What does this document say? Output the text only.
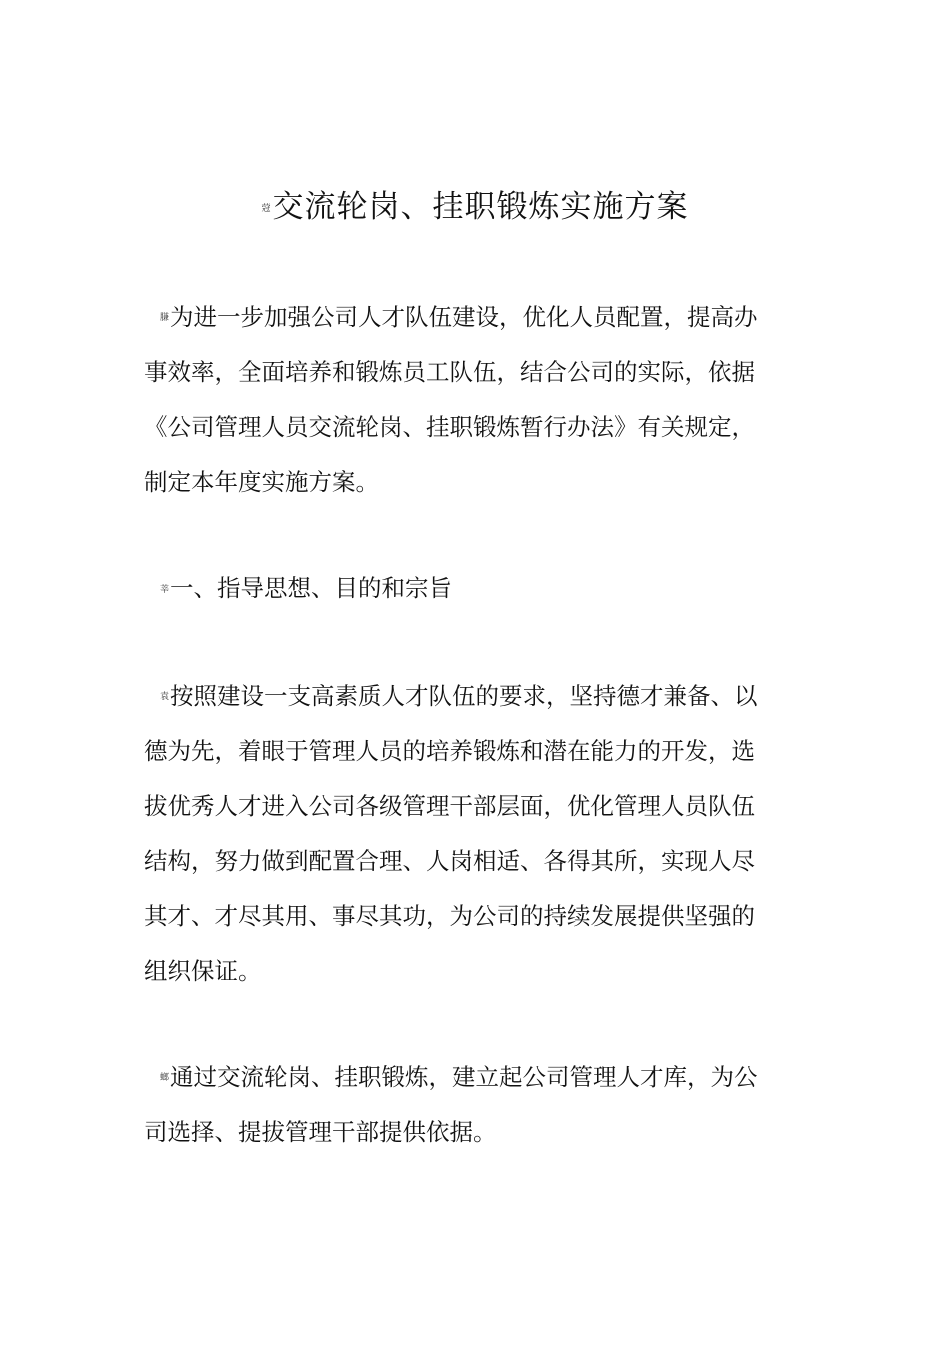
蒄交流轮岗、挂职锻炼实施方案
膁为进一步加强公司人才队伍建设，优化人员配置，提高办
事效率，全面培养和锻炼员工队伍，结合公司的实际，依据
《公司管理人员交流轮岗、挂职锻炼暂行办法》有关规定，
制定本年度实施方案。
莘一、指导思想、目的和宗旨
袁按照建设一支高素质人才队伍的要求，坚持德才兼备、以
德为先，着眼于管理人员的培养锻炼和潜在能力的开发，选
拔优秀人才进入公司各级管理干部层面，优化管理人员队伍
结构，努力做到配置合理、人岗相适、各得其所，实现人尽
其才、才尽其用、事尽其功，为公司的持续发展提供坚强的
组织保证。
螂通过交流轮岗、挂职锻炼，建立起公司管理人才库，为公
司选择、提拔管理干部提供依据。
